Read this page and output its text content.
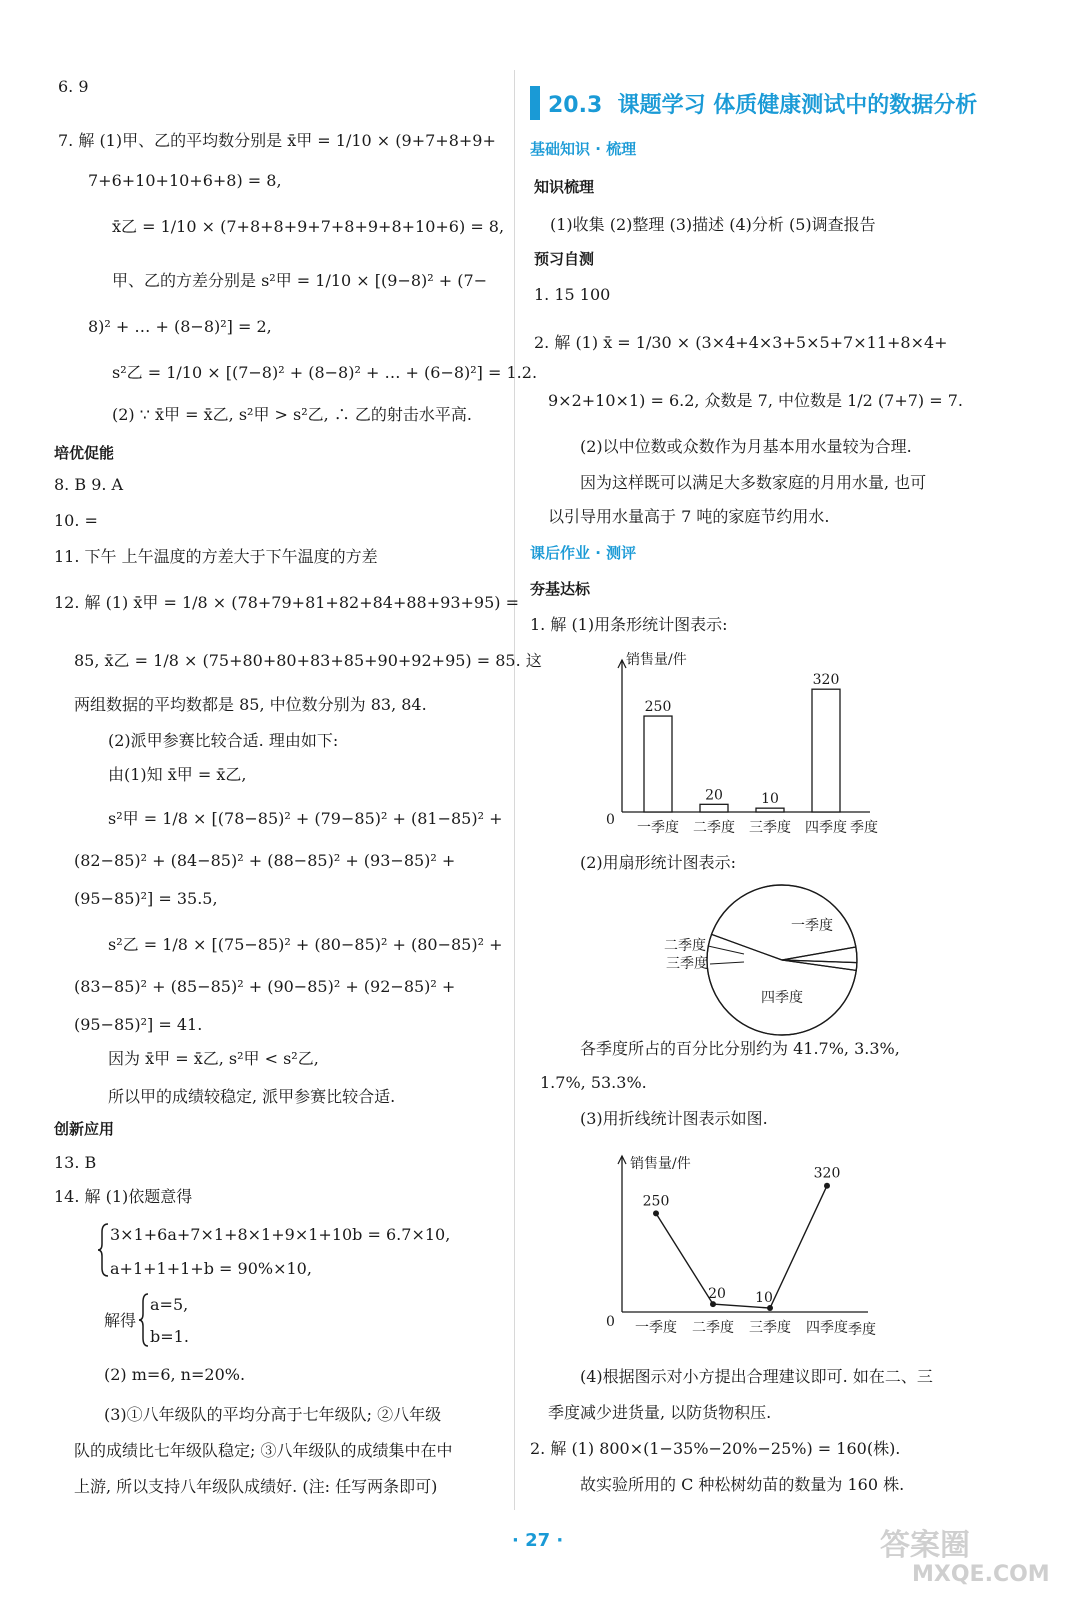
6. 9
7. 解 (1)甲、乙的平均数分别是 x̄甲 = 1/10 × (9+7+8+9+
7+6+10+10+6+8) = 8,
x̄乙 = 1/10 × (7+8+8+9+7+8+9+8+10+6) = 8,
甲、乙的方差分别是 s²甲 = 1/10 × [(9−8)² + (7−
8)² + … + (8−8)²] = 2,
s²乙 = 1/10 × [(7−8)² + (8−8)² + … + (6−8)²] = 1.2.
(2) ∵ x̄甲 = x̄乙, s²甲 > s²乙, ∴ 乙的射击水平高.
培优促能
8. B 9. A
10. =
11. 下午 上午温度的方差大于下午温度的方差
12. 解 (1) x̄甲 = 1/8 × (78+79+81+82+84+88+93+95) =
85, x̄乙 = 1/8 × (75+80+80+83+85+90+92+95) = 85. 这
两组数据的平均数都是 85, 中位数分别为 83, 84.
(2)派甲参赛比较合适. 理由如下:
由(1)知 x̄甲 = x̄乙,
s²甲 = 1/8 × [(78−85)² + (79−85)² + (81−85)² +
(82−85)² + (84−85)² + (88−85)² + (93−85)² +
(95−85)²] = 35.5,
s²乙 = 1/8 × [(75−85)² + (80−85)² + (80−85)² +
(83−85)² + (85−85)² + (90−85)² + (92−85)² +
(95−85)²] = 41.
因为 x̄甲 = x̄乙, s²甲 < s²乙,
所以甲的成绩较稳定, 派甲参赛比较合适.
创新应用
13. B
14. 解 (1)依题意得
3×1+6a+7×1+8×1+9×1+10b = 6.7×10,
a+1+1+1+b = 90%×10,
解得
a=5,
b=1.
(2) m=6, n=20%.
(3)①八年级队的平均分高于七年级队; ②八年级
队的成绩比七年级队稳定; ③八年级队的成绩集中在中
上游, 所以支持八年级队成绩好. (注: 任写两条即可)
20.3 课题学习 体质健康测试中的数据分析
基础知识 · 梳理
知识梳理
(1)收集 (2)整理 (3)描述 (4)分析 (5)调查报告
预习自测
1. 15 100
2. 解 (1) x̄ = 1/30 × (3×4+4×3+5×5+7×11+8×4+
9×2+10×1) = 6.2, 众数是 7, 中位数是 1/2 (7+7) = 7.
(2)以中位数或众数作为月基本用水量较为合理.
因为这样既可以满足大多数家庭的月用水量, 也可
以引导用水量高于 7 吨的家庭节约用水.
课后作业 · 测评
夯基达标
1. 解 (1)用条形统计图表示:
销售量/件
0	季度
250
一季度
20
二季度
10
三季度
320
四季度
(2)用扇形统计图表示:
一季度
四季度
二季度
三季度
各季度所占的百分比分别约为 41.7%, 3.3%,
1.7%, 53.3%.
(3)用折线统计图表示如图.
销售量/件
0	季度
250
一季度
20
二季度
10
三季度
320
四季度
(4)根据图示对小方提出合理建议即可. 如在二、三
季度减少进货量, 以防货物积压.
2. 解 (1) 800×(1−35%−20%−25%) = 160(株).
故实验所用的 C 种松树幼苗的数量为 160 株.
· 27 ·	答案圈
MXQE.COM
